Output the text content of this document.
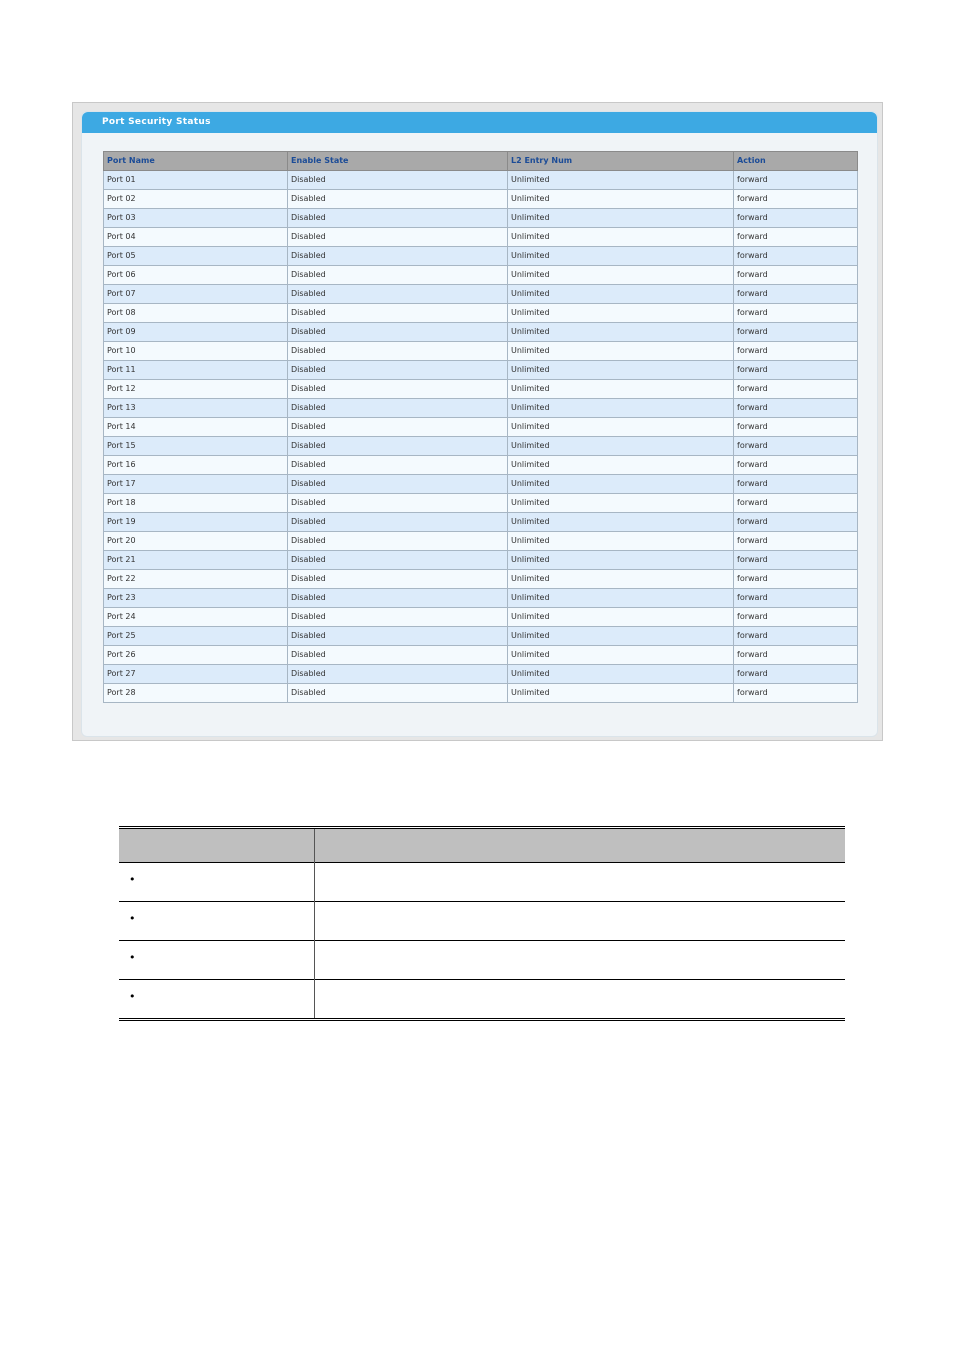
Port Security Status
Port Name	Enable State	L2 Entry Num	Action
Port 01	Disabled	Unlimited	forward
Port 02	Disabled	Unlimited	forward
Port 03	Disabled	Unlimited	forward
Port 04	Disabled	Unlimited	forward
Port 05	Disabled	Unlimited	forward
Port 06	Disabled	Unlimited	forward
Port 07	Disabled	Unlimited	forward
Port 08	Disabled	Unlimited	forward
Port 09	Disabled	Unlimited	forward
Port 10	Disabled	Unlimited	forward
Port 11	Disabled	Unlimited	forward
Port 12	Disabled	Unlimited	forward
Port 13	Disabled	Unlimited	forward
Port 14	Disabled	Unlimited	forward
Port 15	Disabled	Unlimited	forward
Port 16	Disabled	Unlimited	forward
Port 17	Disabled	Unlimited	forward
Port 18	Disabled	Unlimited	forward
Port 19	Disabled	Unlimited	forward
Port 20	Disabled	Unlimited	forward
Port 21	Disabled	Unlimited	forward
Port 22	Disabled	Unlimited	forward
Port 23	Disabled	Unlimited	forward
Port 24	Disabled	Unlimited	forward
Port 25	Disabled	Unlimited	forward
Port 26	Disabled	Unlimited	forward
Port 27	Disabled	Unlimited	forward
Port 28	Disabled	Unlimited	forward

•	
•	
•	
•	
